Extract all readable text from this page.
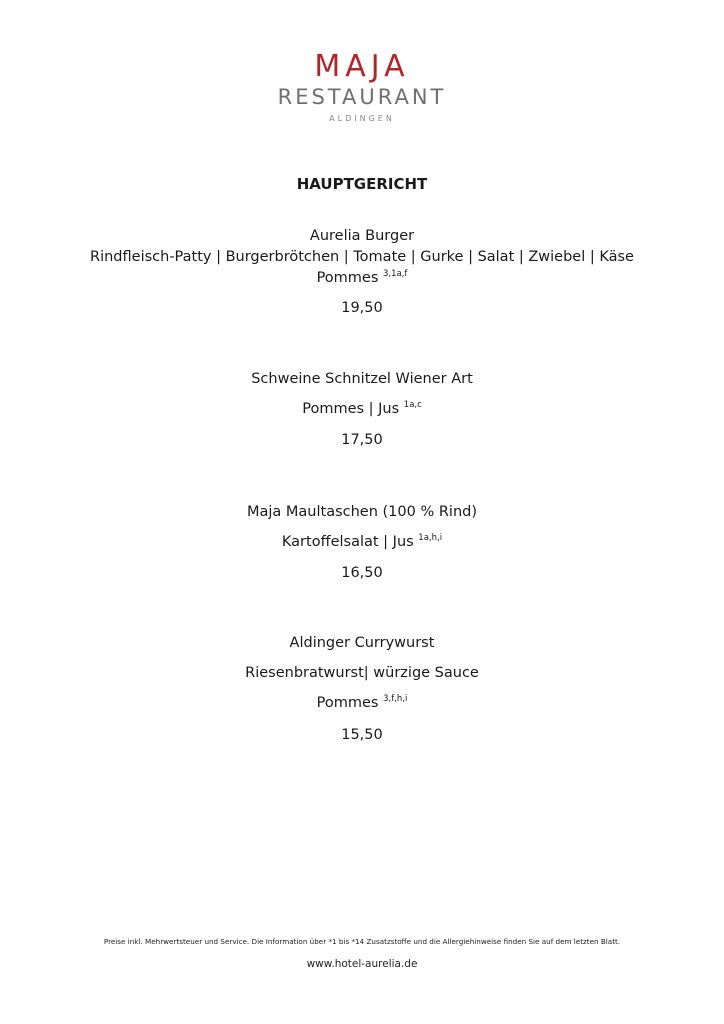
MAJA
RESTAURANT
ALDINGEN
HAUPTGERICHT
Aurelia Burger
Rindfleisch-Patty | Burgerbrötchen | Tomate | Gurke | Salat | Zwiebel | Käse
Pommes $^{3,1a,f}$
19,50
Schweine Schnitzel Wiener Art
Pommes | Jus $^{1a,c}$
17,50
Maja Maultaschen (100 % Rind)
Kartoffelsalat | Jus $^{1a,h,i}$
16,50
Aldinger Currywurst
Riesenbratwurst| würzige Sauce
Pommes $^{3,f,h,i}$
15,50
Preise inkl. Mehrwertsteuer und Service. Die Information über *1 bis *14 Zusatzstoffe und die Allergiehinweise finden Sie auf dem letzten Blatt.
www.hotel-aurelia.de
